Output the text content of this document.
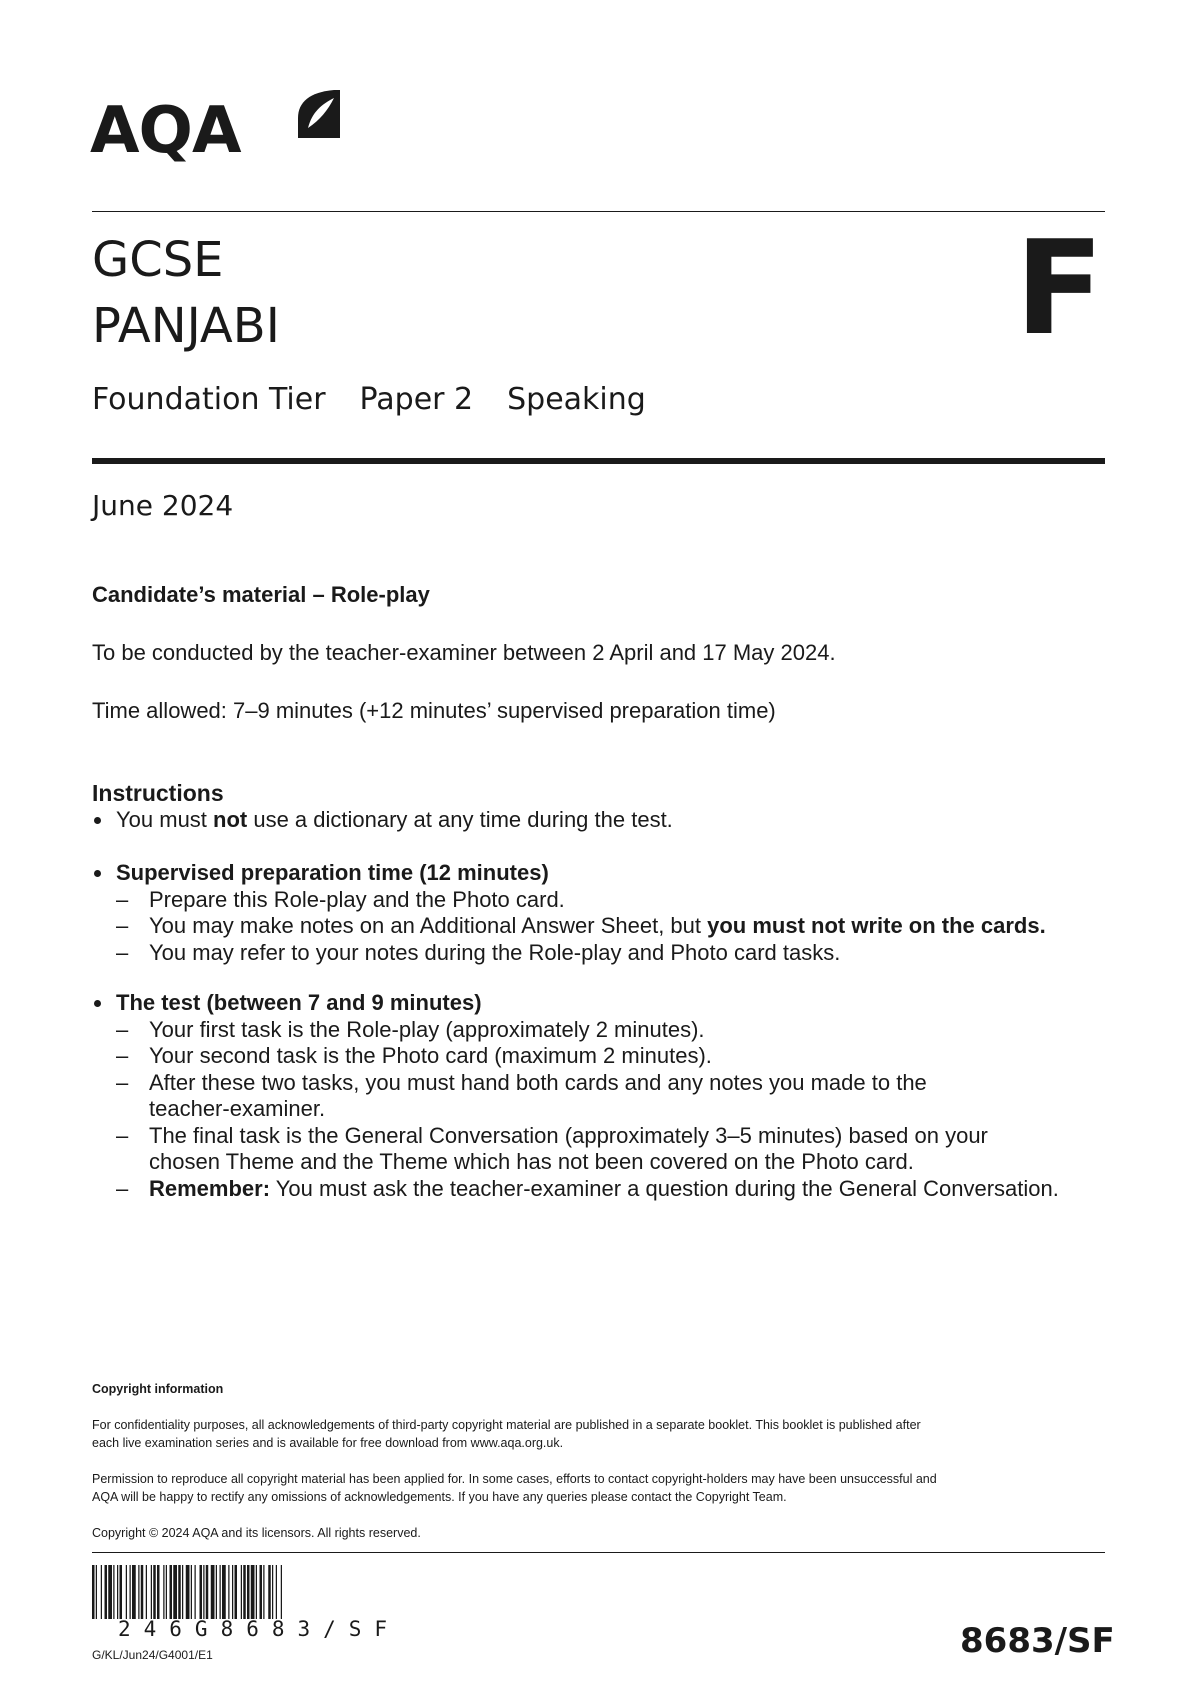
AQA
GCSE
PANJABI	F
Foundation Tier Paper 2 Speaking
June 2024
Candidate’s material – Role-play
To be conducted by the teacher-examiner between 2 April and 17 May 2024.
Time allowed: 7–9 minutes (+12 minutes’ supervised preparation time)
Instructions
You must not use a dictionary at any time during the test.
Supervised preparation time (12 minutes)
– Prepare this Role-play and the Photo card.
– You may make notes on an Additional Answer Sheet, but you must not write on the cards.
– You may refer to your notes during the Role-play and Photo card tasks.
The test (between 7 and 9 minutes)
– Your first task is the Role-play (approximately 2 minutes).
– Your second task is the Photo card (maximum 2 minutes).
– After these two tasks, you must hand both cards and any notes you made to the
teacher-examiner.
– The final task is the General Conversation (approximately 3–5 minutes) based on your
chosen Theme and the Theme which has not been covered on the Photo card.
– Remember: You must ask the teacher-examiner a question during the General Conversation.
Copyright information
For confidentiality purposes, all acknowledgements of third-party copyright material are published in a separate booklet. This booklet is published after
each live examination series and is available for free download from www.aqa.org.uk.
Permission to reproduce all copyright material has been applied for. In some cases, efforts to contact copyright-holders may have been unsuccessful and
AQA will be happy to rectify any omissions of acknowledgements. If you have any queries please contact the Copyright Team.
Copyright © 2024 AQA and its licensors. All rights reserved.
246G8683/SF
G/KL/Jun24/G4001/E1	8683/SF
